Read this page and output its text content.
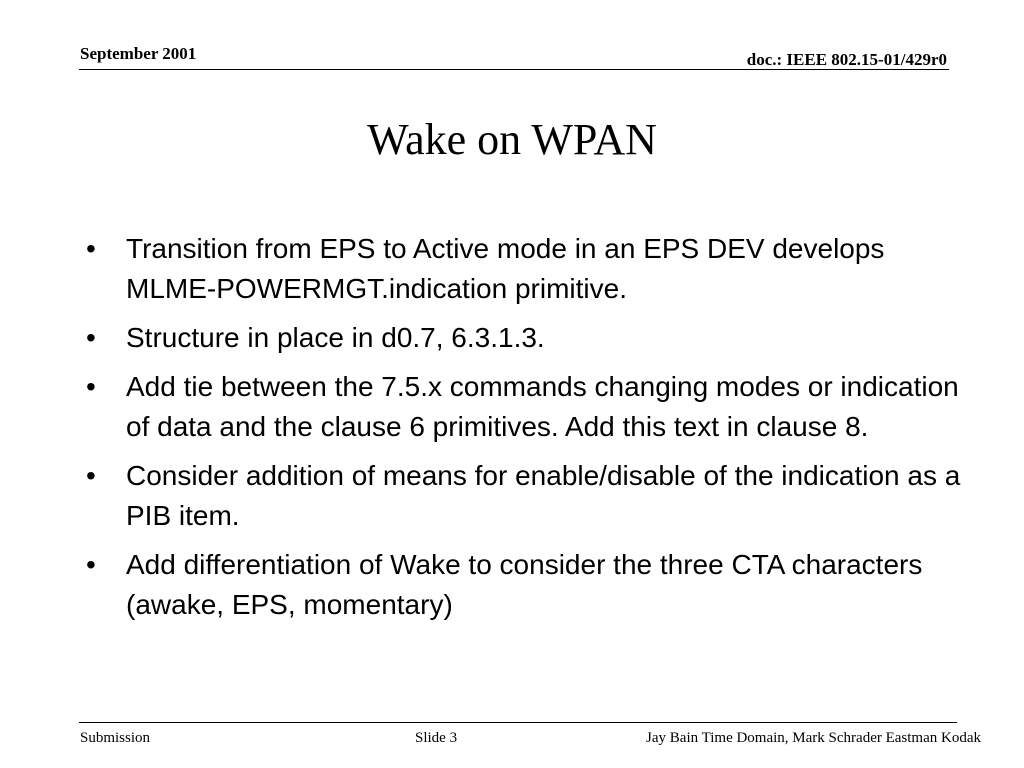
September 2001	doc.: IEEE 802.15-01/429r0
Wake on WPAN
• Transition from EPS to Active mode in an EPS DEV develops MLME-POWERMGT.indication primitive.
• Structure in place in d0.7, 6.3.1.3.
• Add tie between the 7.5.x commands changing modes or indication of data and the clause 6 primitives. Add this text in clause 8.
• Consider addition of means for enable/disable of the indication as a PIB item.
• Add differentiation of Wake to consider the three CTA characters (awake, EPS, momentary)
Submission	Slide 3	Jay Bain Time Domain, Mark Schrader Eastman Kodak
